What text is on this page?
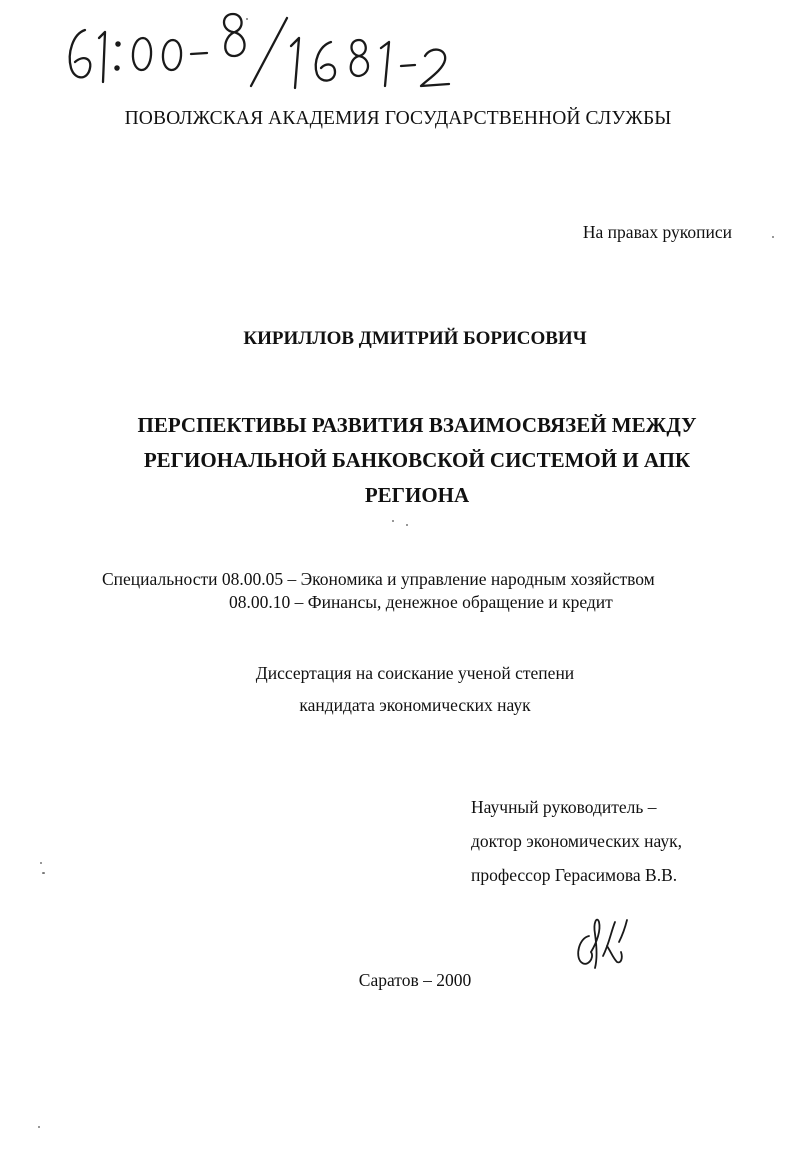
ПОВОЛЖСКАЯ АКАДЕМИЯ ГОСУДАРСТВЕННОЙ СЛУЖБЫ
На правах рукописи
КИРИЛЛОВ ДМИТРИЙ БОРИСОВИЧ
ПЕРСПЕКТИВЫ РАЗВИТИЯ ВЗАИМОСВЯЗЕЙ МЕЖДУ
РЕГИОНАЛЬНОЙ БАНКОВСКОЙ СИСТЕМОЙ И АПК
РЕГИОНА
Специальности 08.00.05 – Экономика и управление народным хозяйством
08.00.10 – Финансы, денежное обращение и кредит
Диссертация на соискание ученой степени
кандидата экономических наук
Научный руководитель –
доктор экономических наук,
профессор Герасимова В.В.
Саратов – 2000
